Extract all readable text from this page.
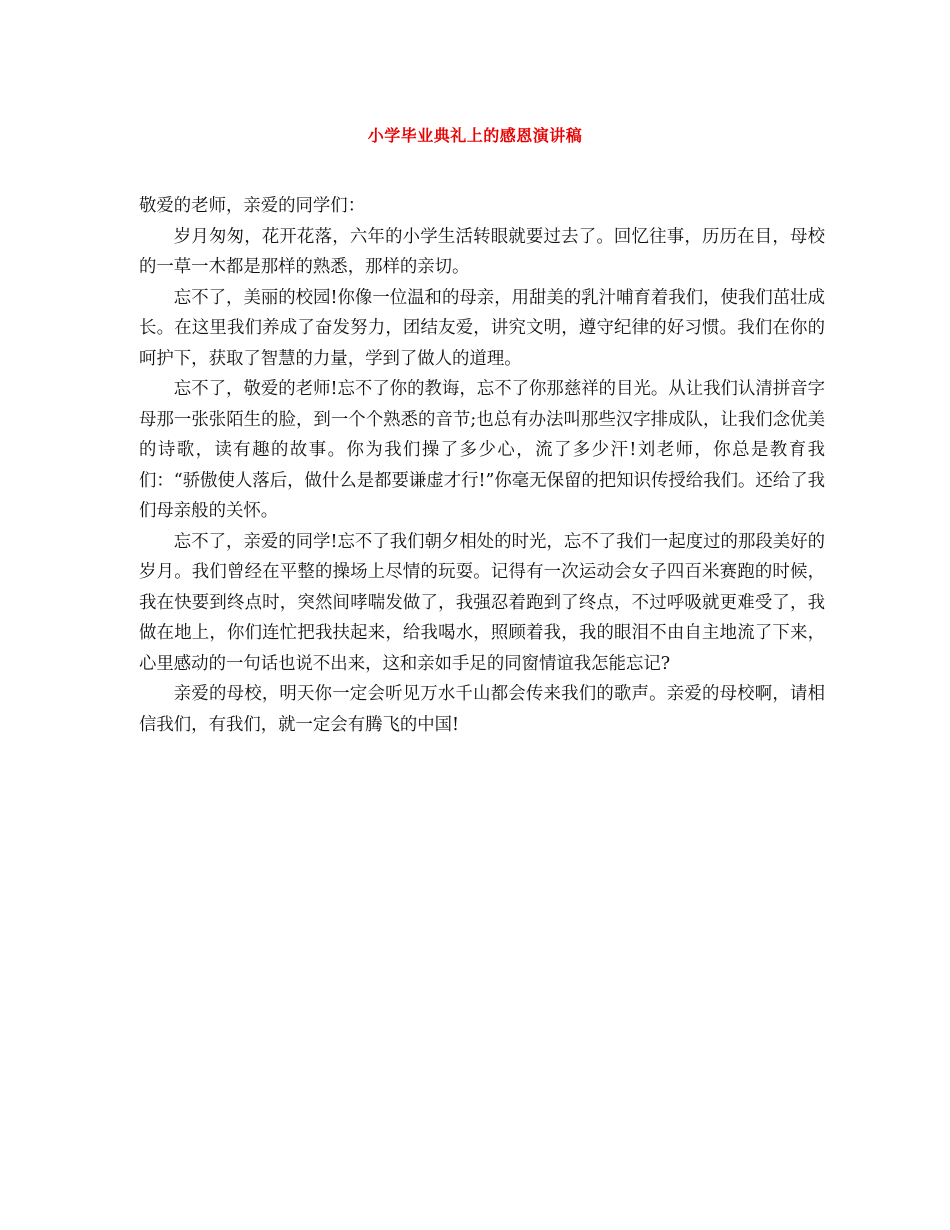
小学毕业典礼上的感恩演讲稿

敬爱的老师，亲爱的同学们：

岁月匆匆，花开花落，六年的小学生活转眼就要过去了。回忆往事，历历在目，母校的一草一木都是那样的熟悉，那样的亲切。

忘不了，美丽的校园!你像一位温和的母亲，用甜美的乳汁哺育着我们，使我们茁壮成长。在这里我们养成了奋发努力，团结友爱，讲究文明，遵守纪律的好习惯。我们在你的呵护下，获取了智慧的力量，学到了做人的道理。

忘不了，敬爱的老师!忘不了你的教诲，忘不了你那慈祥的目光。从让我们认清拼音字母那一张张陌生的脸，到一个个熟悉的音节;也总有办法叫那些汉字排成队，让我们念优美的诗歌，读有趣的故事。你为我们操了多少心，流了多少汗!刘老师，你总是教育我们：“骄傲使人落后，做什么是都要谦虚才行!”你毫无保留的把知识传授给我们。还给了我们母亲般的关怀。

忘不了，亲爱的同学!忘不了我们朝夕相处的时光，忘不了我们一起度过的那段美好的岁月。我们曾经在平整的操场上尽情的玩耍。记得有一次运动会女子四百米赛跑的时候，我在快要到终点时，突然间哮喘发做了，我强忍着跑到了终点，不过呼吸就更难受了，我做在地上，你们连忙把我扶起来，给我喝水，照顾着我，我的眼泪不由自主地流了下来，心里感动的一句话也说不出来，这和亲如手足的同窗情谊我怎能忘记?

亲爱的母校，明天你一定会听见万水千山都会传来我们的歌声。亲爱的母校啊，请相信我们，有我们，就一定会有腾飞的中国!
